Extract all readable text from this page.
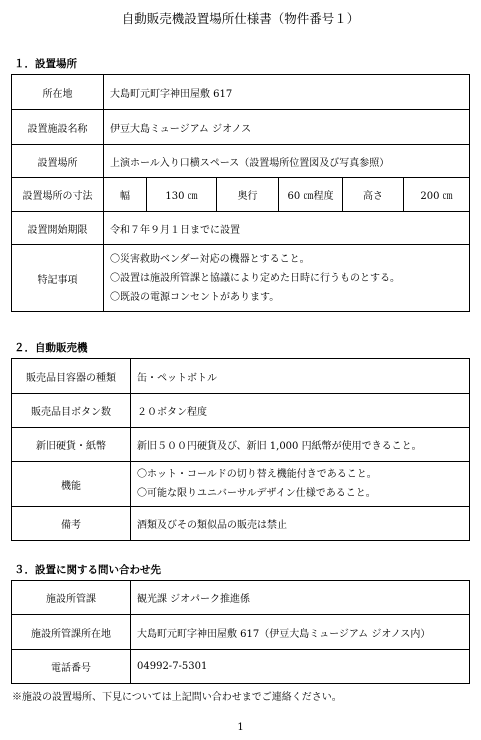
自動販売機設置場所仕様書（物件番号１）
１．設置場所
所在地	大島町元町字神田屋敷 617					
設置施設名称	伊豆大島ミュージアム ジオノス					
設置場所	上演ホール入り口横スペース（設置場所位置図及び写真参照）					
設置場所の寸法	幅	130 ㎝	奥行	60 ㎝程度	高さ	200 ㎝
設置開始期限	令和７年９月１日までに設置					
特記事項	〇災害救助ベンダー対応の機器とすること。
〇設置は施設所管課と協議により定めた日時に行うものとする。
〇既設の電源コンセントがあります。					
２．自動販売機
販売品目容器の種類	缶・ペットボトル
販売品目ボタン数	２０ボタン程度
新旧硬貨・紙幣	新旧５００円硬貨及び、新旧 1,000 円紙幣が使用できること。
機能	〇ホット・コールドの切り替え機能付きであること。
〇可能な限りユニバーサルデザイン仕様であること。

備考	酒類及びその類似品の販売は禁止
３．設置に関する問い合わせ先
施設所管課	観光課 ジオパーク推進係
施設所管課所在地	大島町元町字神田屋敷 617（伊豆大島ミュージアム ジオノス内）
電話番号	04992-7-5301
※施設の設置場所、下見については上記問い合わせまでご連絡ください。
1
